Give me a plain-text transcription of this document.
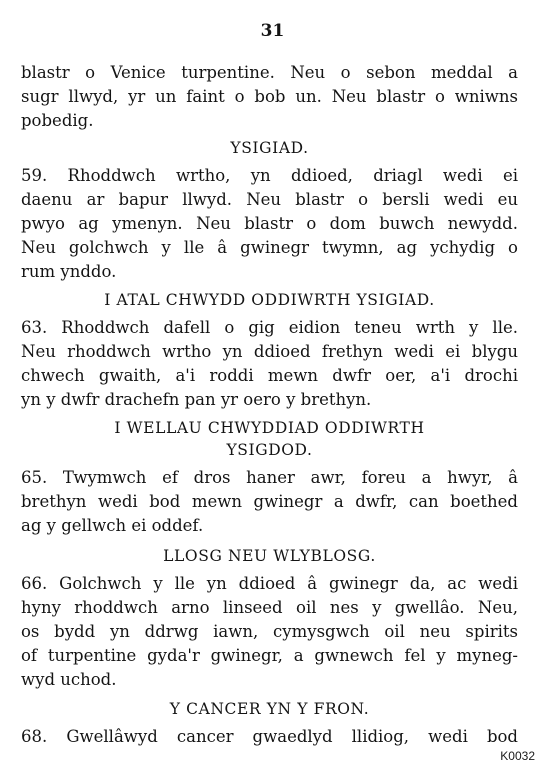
31
blastr o Venice turpentine. Neu o sebon meddal a
sugr llwyd, yr un faint o bob un. Neu blastr o wniwns
pobedig.
YSIGIAD.
59. Rhoddwch wrtho, yn ddioed, driagl wedi ei
daenu ar bapur llwyd. Neu blastr o bersli wedi eu
pwyo ag ymenyn. Neu blastr o dom buwch newydd.
Neu golchwch y lle â gwinegr twymn, ag ychydig o
rum ynddo.
I ATAL CHWYDD ODDIWRTH YSIGIAD.
63. Rhoddwch dafell o gig eidion teneu wrth y lle.
Neu rhoddwch wrtho yn ddioed frethyn wedi ei blygu
chwech gwaith, a'i roddi mewn dwfr oer, a'i drochi
yn y dwfr drachefn pan yr oero y brethyn.
I WELLAU CHWYDDIAD ODDIWRTH
YSIGDOD.
65. Twymwch ef dros haner awr, foreu a hwyr, â
brethyn wedi bod mewn gwinegr a dwfr, can boethed
ag y gellwch ei oddef.
LLOSG NEU WLYBLOSG.
66. Golchwch y lle yn ddioed â gwinegr da, ac wedi
hyny rhoddwch arno linseed oil nes y gwellâo. Neu,
os bydd yn ddrwg iawn, cymysgwch oil neu spirits
of turpentine gyda'r gwinegr, a gwnewch fel y myneg-
wyd uchod.
Y CANCER YN Y FRON.
68. Gwellâwyd cancer gwaedlyd llidiog, wedi bod
K0032
